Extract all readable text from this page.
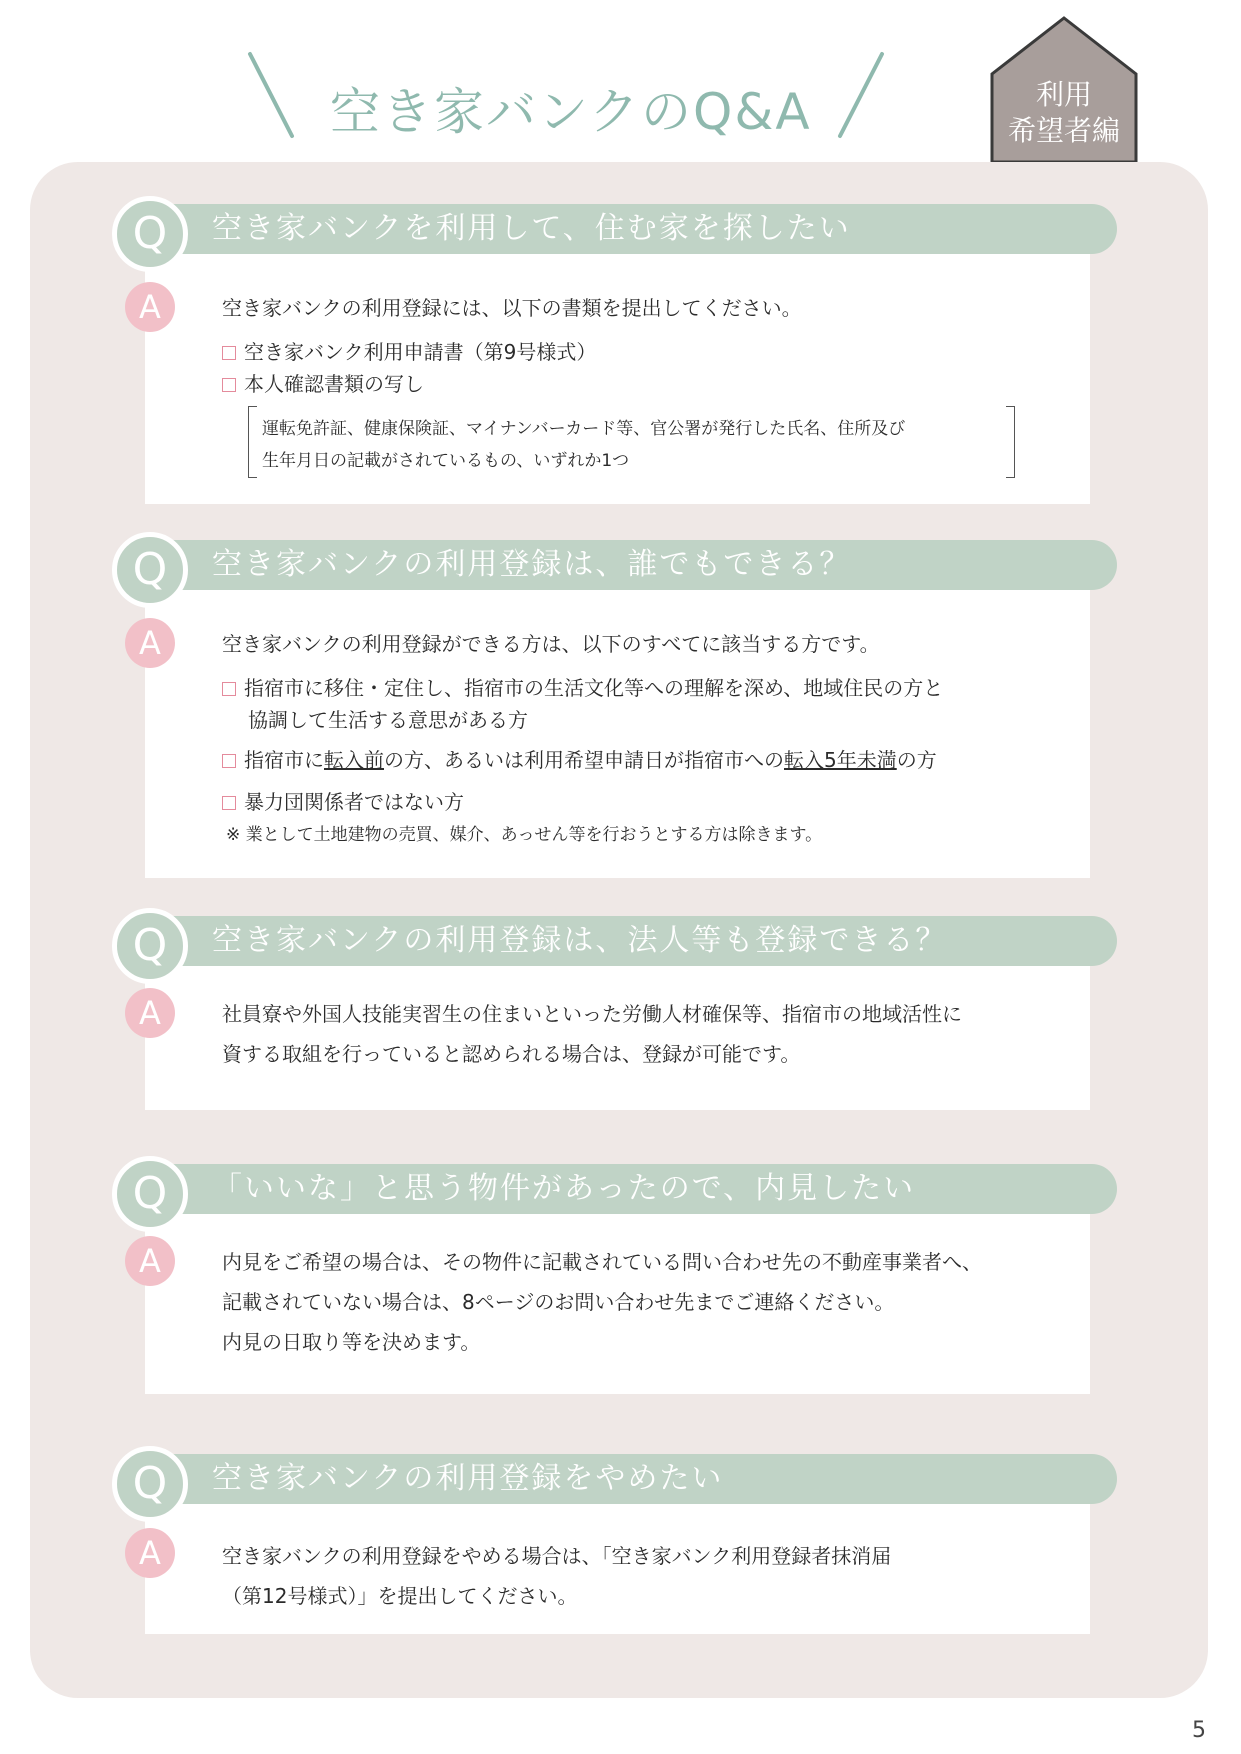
空き家バンクのQ&A	利用
希望者編
Q	空き家バンクを利用して、住む家を探したい
A	空き家バンクの利用登録には、以下の書類を提出してください。
空き家バンク利用申請書（第9号様式）
本人確認書類の写し
運転免許証、健康保険証、マイナンバーカード等、官公署が発行した氏名、住所及び
生年月日の記載がされているもの、いずれか1つ
Q	空き家バンクの利用登録は、誰でもできる？
A	空き家バンクの利用登録ができる方は、以下のすべてに該当する方です。
指宿市に移住・定住し、指宿市の生活文化等への理解を深め、地域住民の方と
協調して生活する意思がある方
指宿市に転入前の方、あるいは利用希望申請日が指宿市への転入5年未満の方
暴力団関係者ではない方
※ 業として土地建物の売買、媒介、あっせん等を行おうとする方は除きます。
Q	空き家バンクの利用登録は、法人等も登録できる？
A	社員寮や外国人技能実習生の住まいといった労働人材確保等、指宿市の地域活性に
資する取組を行っていると認められる場合は、登録が可能です。
Q	「いいな」と思う物件があったので、内見したい
A	内見をご希望の場合は、その物件に記載されている問い合わせ先の不動産事業者へ、
記載されていない場合は、8ページのお問い合わせ先までご連絡ください。
内見の日取り等を決めます。
Q	空き家バンクの利用登録をやめたい
A	空き家バンクの利用登録をやめる場合は、「空き家バンク利用登録者抹消届
（第12号様式）」を提出してください。
5
